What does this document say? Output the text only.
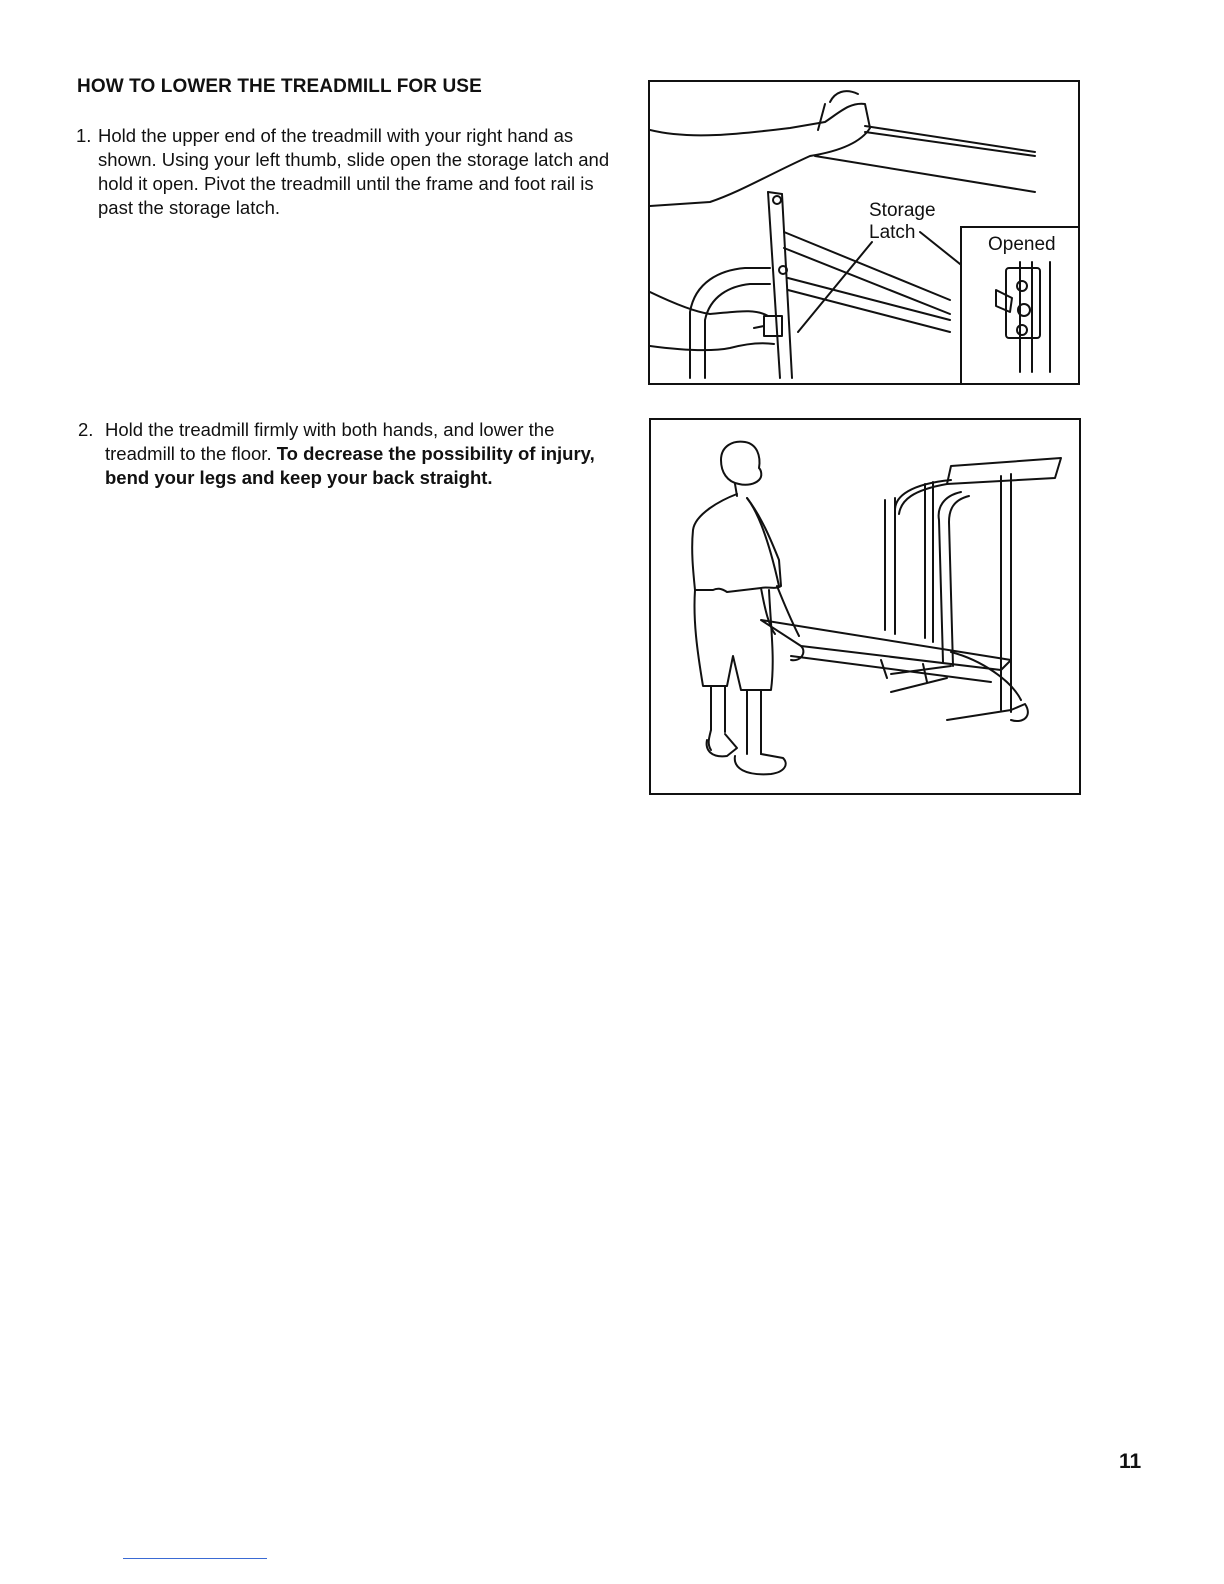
HOW TO LOWER THE TREADMILL FOR USE
1. Hold the upper end of the treadmill with your right hand as shown. Using your left thumb, slide open the storage latch and hold it open. Pivot the treadmill until the frame and foot rail is past the storage latch.
2. Hold the treadmill firmly with both hands, and lower the treadmill to the floor. To decrease the possibility of injury, bend your legs and keep your back straight.
Storage
Latch
Opened
11
